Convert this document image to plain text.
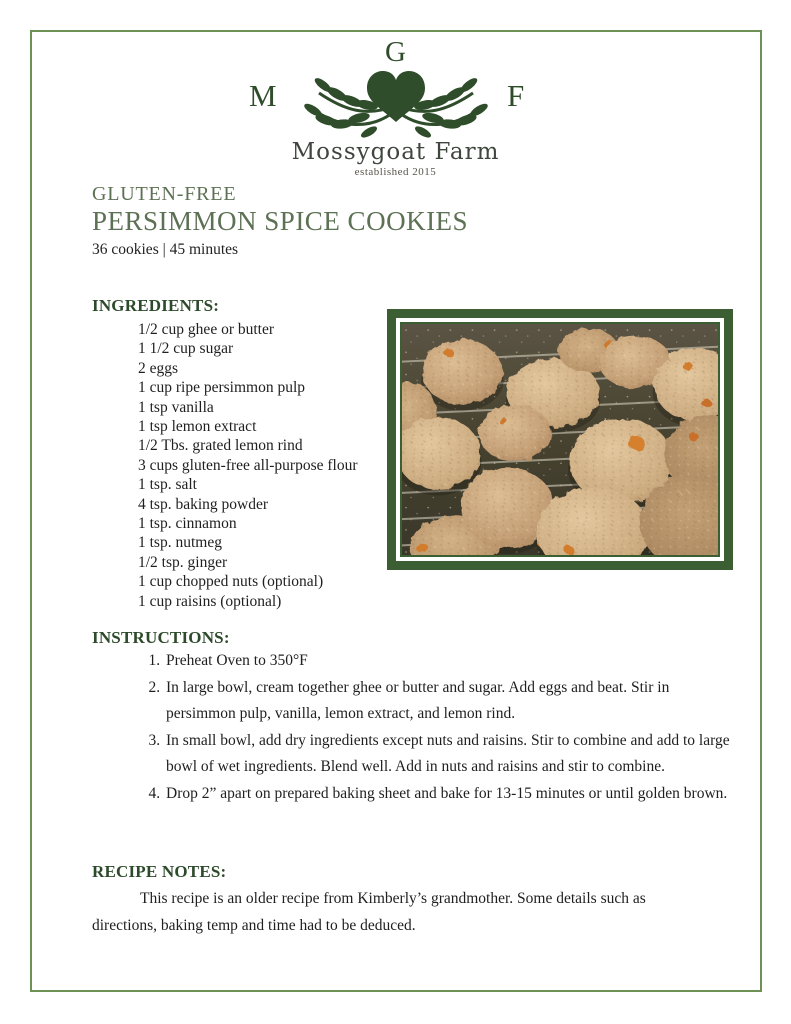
G
M	F
Mossygoat Farm
established 2015
GLUTEN-FREE
PERSIMMON SPICE COOKIES
36 cookies | 45 minutes
INGREDIENTS:
1/2 cup ghee or butter
1 1/2 cup sugar
2 eggs
1 cup ripe persimmon pulp
1 tsp vanilla
1 tsp lemon extract
1/2 Tbs. grated lemon rind
3 cups gluten-free all-purpose flour
1 tsp. salt
4 tsp. baking powder
1 tsp. cinnamon
1 tsp. nutmeg
1/2 tsp. ginger
1 cup chopped nuts (optional)
1 cup raisins (optional)
INSTRUCTIONS:
1. Preheat Oven to 350°F
2. In large bowl, cream together ghee or butter and sugar. Add eggs and beat. Stir in persimmon pulp, vanilla, lemon extract, and lemon rind.
3. In small bowl, add dry ingredients except nuts and raisins. Stir to combine and add to large bowl of wet ingredients. Blend well. Add in nuts and raisins and stir to combine.
4. Drop 2” apart on prepared baking sheet and bake for 13-15 minutes or until golden brown.
RECIPE NOTES:

This recipe is an older recipe from Kimberly’s grandmother. Some details such as directions, baking temp and time had to be deduced.
